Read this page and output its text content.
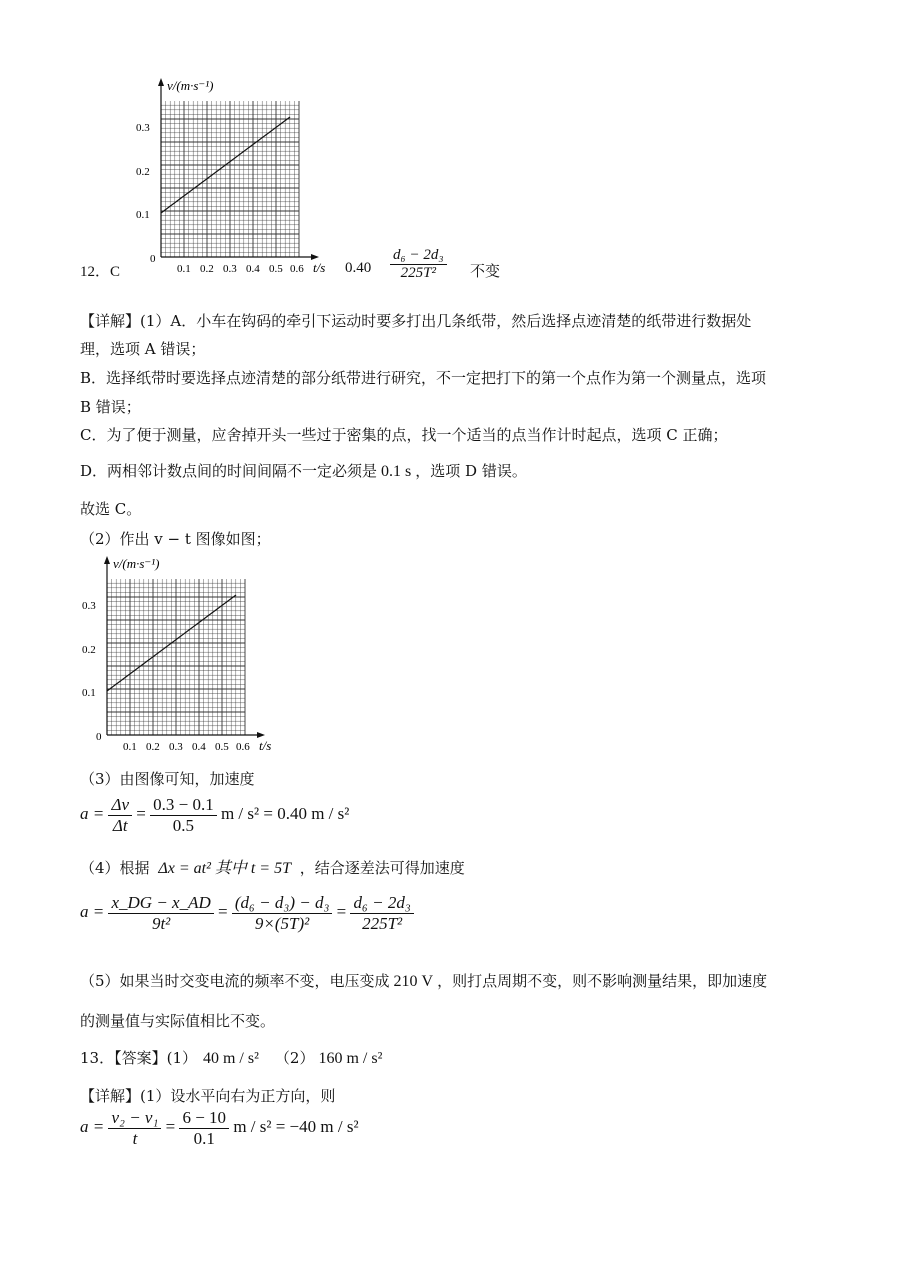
v/(m·s⁻¹)
0.3
0.2
0.1
0
0.1 0.2 0.3 0.4 0.5 0.6 t/s
12．C	$0.40 \frac{\text{d₆ − 2d₃}}{\text{225T²}}$ 不变
【详解】(1）A．小车在钩码的牵引下运动时要多打出几条纸带，然后选择点迹清楚的纸带进行数据处
理，选项 A 错误；
B．选择纸带时要选择点迹清楚的部分纸带进行研究，不一定把打下的第一个点作为第一个测量点，选项
B 错误；
C．为了便于测量，应舍掉开头一些过于密集的点，找一个适当的点当作计时起点，选项 C 正确；
D．两相邻计数点间的时间间隔不一定必须是 0.1 s ，选项 D 错误。
故选 C。
（2）作出 v − t 图像如图；
v/(m·s⁻¹)
0.3
0.2
0.1
0
0.1 0.2 0.3 0.4 0.5 0.6 t/s
（3）由图像可知，加速度
$a = \frac{\Delta v}{\Delta t} = \frac{0.3 - 0.1}{0.5}$ m / s² = 0.40 m / s²
（4）根据 Δx = at² 其中 t = 5T ，结合逐差法可得加速度
$a = \frac{x\_DG - x\_AD}{\text{9t²}} = \frac{\text{(d₆ − d₃) − d₃}}{\text{9×(5T)²}} = \frac{\text{d₆ − 2d₃}}{\text{225T²}}$
（5）如果当时交变电流的频率不变，电压变成 210 V ，则打点周期不变，则不影响测量结果，即加速度
的测量值与实际值相比不变。
13．【答案】(1） 40 m / s² （2） 160 m / s²
【详解】(1）设水平向右为正方向，则
$a = \frac{\text{v₂ − v₁}}{t} = \frac{6 - 10}{0.1}$ m / s² = −40 m / s²
